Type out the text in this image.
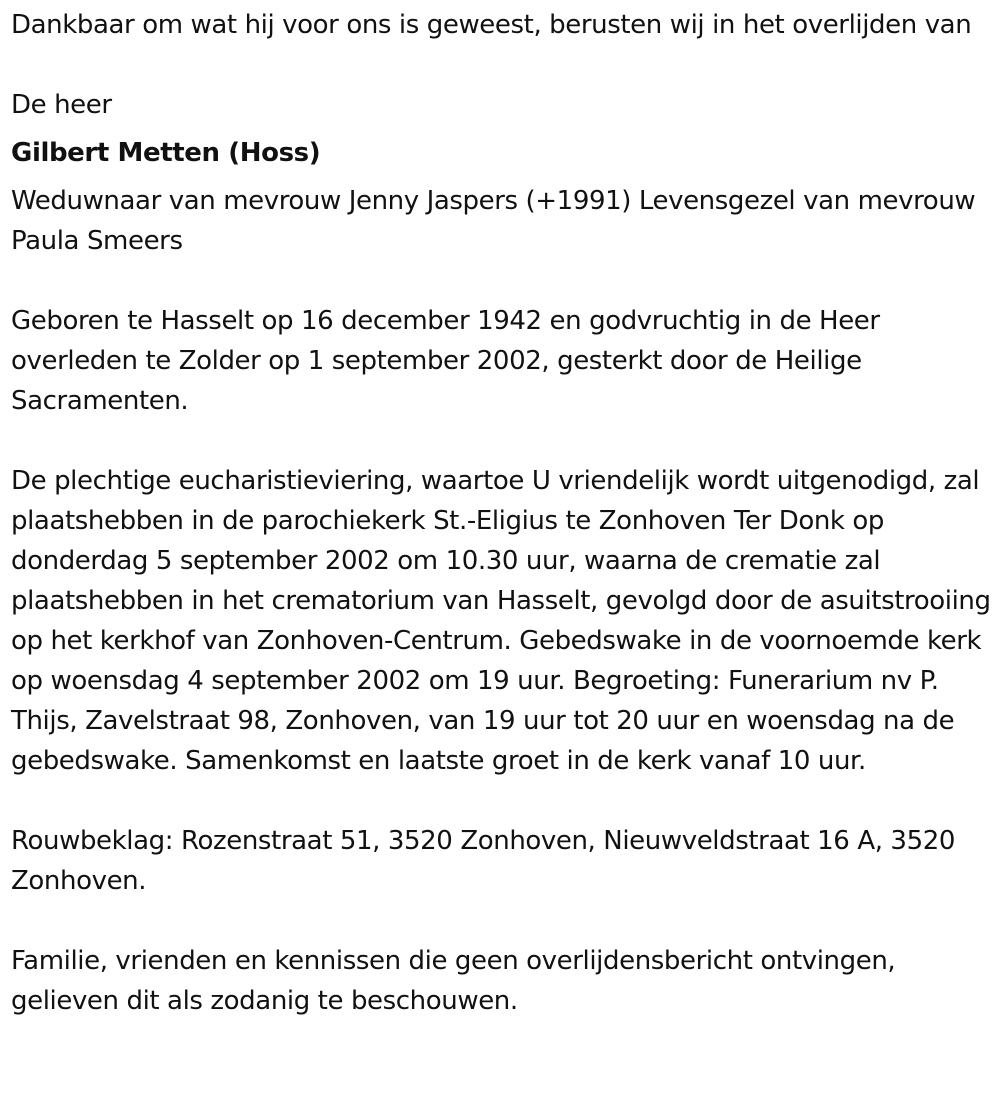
Dankbaar om wat hij voor ons is geweest, berusten wij in het overlijden van

De heer

Gilbert Metten (Hoss)

Weduwnaar van mevrouw Jenny Jaspers (+1991) Levensgezel van mevrouw Paula Smeers

Geboren te Hasselt op 16 december 1942 en godvruchtig in de Heer overleden te Zolder op 1 september 2002, gesterkt door de Heilige Sacramenten.

De plechtige eucharistieviering, waartoe U vriendelijk wordt uitgenodigd, zal plaatshebben in de parochiekerk St.-Eligius te Zonhoven Ter Donk op donderdag 5 september 2002 om 10.30 uur, waarna de crematie zal plaatshebben in het crematorium van Hasselt, gevolgd door de asuitstrooiing op het kerkhof van Zonhoven-Centrum. Gebedswake in de voornoemde kerk op woensdag 4 september 2002 om 19 uur. Begroeting: Funerarium nv P. Thijs, Zavelstraat 98, Zonhoven, van 19 uur tot 20 uur en woensdag na de gebedswake. Samenkomst en laatste groet in de kerk vanaf 10 uur.

Rouwbeklag: Rozenstraat 51, 3520 Zonhoven, Nieuwveldstraat 16 A, 3520 Zonhoven.

Familie, vrienden en kennissen die geen overlijdensbericht ontvingen, gelieven dit als zodanig te beschouwen.
